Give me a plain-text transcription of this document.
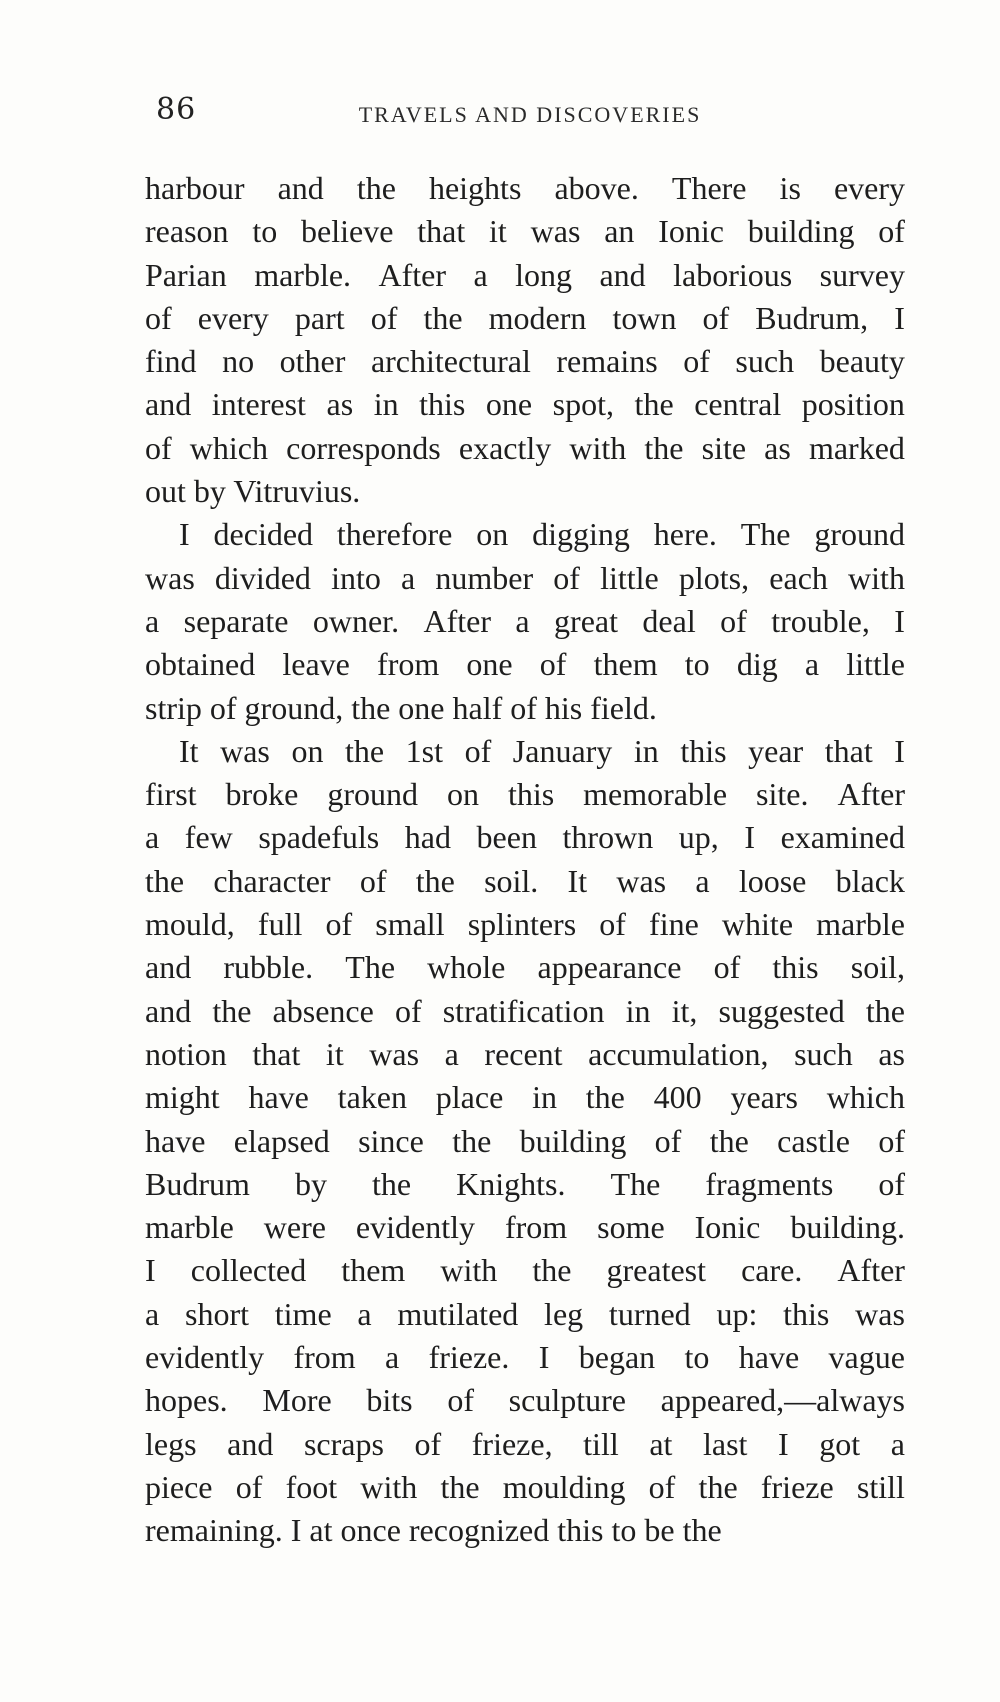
86	TRAVELS AND DISCOVERIES
harbour and the heights above. There is every
reason to believe that it was an Ionic building of
Parian marble. After a long and laborious survey
of every part of the modern town of Budrum, I
find no other architectural remains of such beauty
and interest as in this one spot, the central position
of which corresponds exactly with the site as marked
out by Vitruvius.
I decided therefore on digging here. The ground
was divided into a number of little plots, each with
a separate owner. After a great deal of trouble, I
obtained leave from one of them to dig a little
strip of ground, the one half of his field.
It was on the 1st of January in this year that I
first broke ground on this memorable site. After
a few spadefuls had been thrown up, I examined
the character of the soil. It was a loose black
mould, full of small splinters of fine white marble
and rubble. The whole appearance of this soil,
and the absence of stratification in it, suggested the
notion that it was a recent accumulation, such as
might have taken place in the 400 years which
have elapsed since the building of the castle of
Budrum by the Knights. The fragments of
marble were evidently from some Ionic building.
I collected them with the greatest care. After
a short time a mutilated leg turned up: this was
evidently from a frieze. I began to have vague
hopes. More bits of sculpture appeared,—always
legs and scraps of frieze, till at last I got a
piece of foot with the moulding of the frieze still
remaining. I at once recognized this to be the
